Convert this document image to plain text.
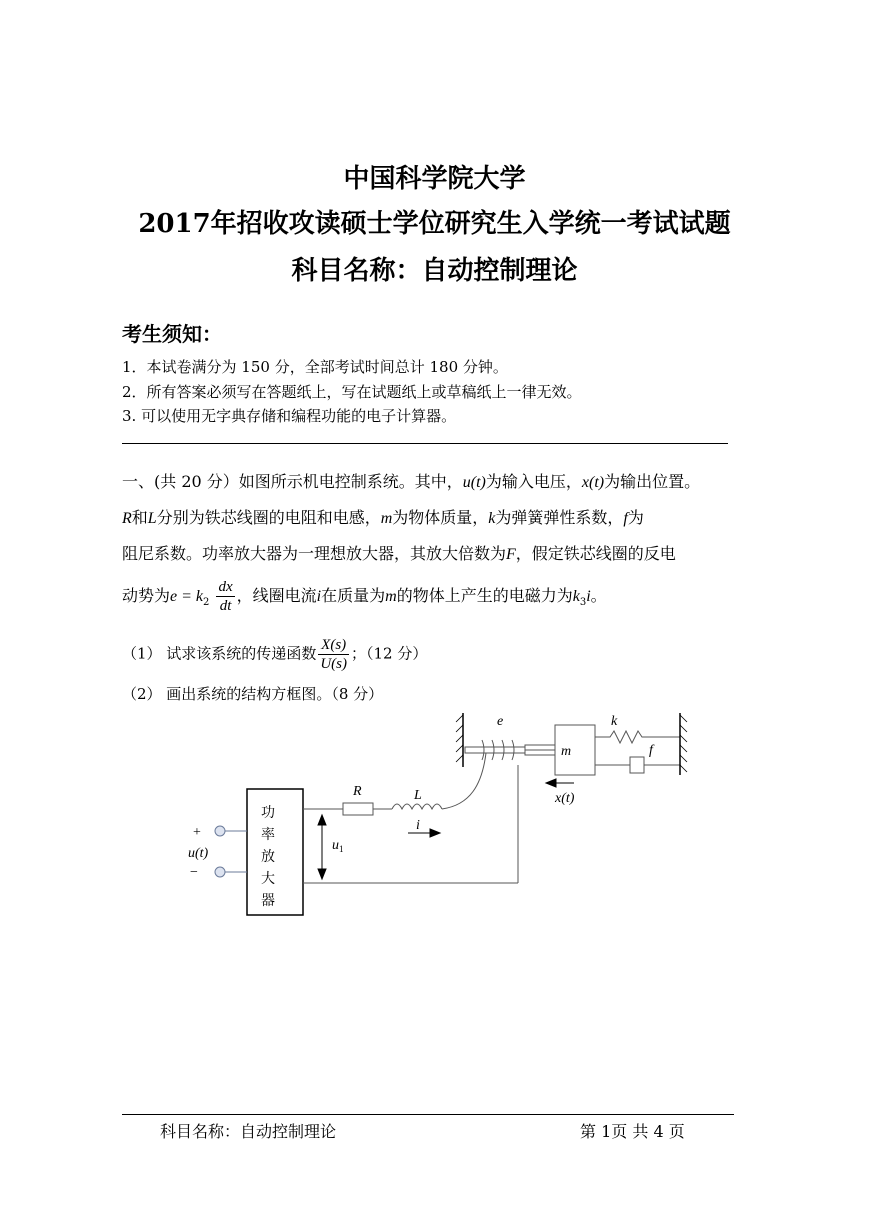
中国科学院大学
2017年招收攻读硕士学位研究生入学统一考试试题
科目名称：自动控制理论
考生须知：
1．本试卷满分为 150 分，全部考试时间总计 180 分钟。
2．所有答案必须写在答题纸上，写在试题纸上或草稿纸上一律无效。
3. 可以使用无字典存储和编程功能的电子计算器。
一、(共 20 分）如图所示机电控制系统。其中，u(t)为输入电压，x(t)为输出位置。
R和L分别为铁芯线圈的电阻和电感，m为物体质量，k为弹簧弹性系数，f为
阻尼系数。功率放大器为一理想放大器，其放大倍数为F，假定铁芯线圈的反电
动势为$e = k_2 \frac{dx}{dt}$ ，线圈电流i在质量为m的物体上产生的电磁力为$k_3i$。
（1） 试求该系统的传递函数 $\frac{X(s)}{U(s)}$ ；（12 分）
（2） 画出系统的结构方框图。（8 分）
功
率
放
大
器
+
u(t)
−
u 1
R	L
i
e
m
k
f
x(t)
科目名称：自动控制理论	第 1页 共 4 页
